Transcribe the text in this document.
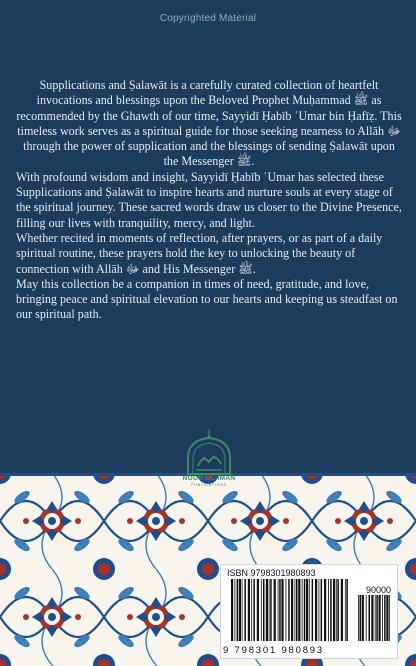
Copyrighted Material

Supplications and Ṣalawāt is a carefully curated collection of heartfelt invocations and blessings upon the Beloved Prophet Muḥammad ﷺ as recommended by the Ghawth of our time, Sayyidī Ḥabīb ʿUmar bin Ḥafīẓ. This timeless work serves as a spiritual guide for those seeking nearness to Allāh ﷻ through the power of supplication and the blessings of sending Ṣalawāt upon the Messenger ﷺ.

With profound wisdom and insight, Sayyidī Ḥabīb ʿUmar has selected these Supplications and Ṣalawāt to inspire hearts and nurture souls at every stage of the spiritual journey. These sacred words draw us closer to the Divine Presence, filling our lives with tranquility, mercy, and light.

Whether recited in moments of reflection, after prayers, or as part of a daily spiritual routine, these prayers hold the key to unlocking the beauty of connection with Allāh ﷻ and His Messenger ﷺ.

May this collection be a companion in times of need, gratitude, and love, bringing peace and spiritual elevation to our hearts and keeping us steadfast on our spiritual path.

NOOR-UL-IMAN
PUBLICATIONS
ISBN 9798301980893
90000
9 798301 980893
